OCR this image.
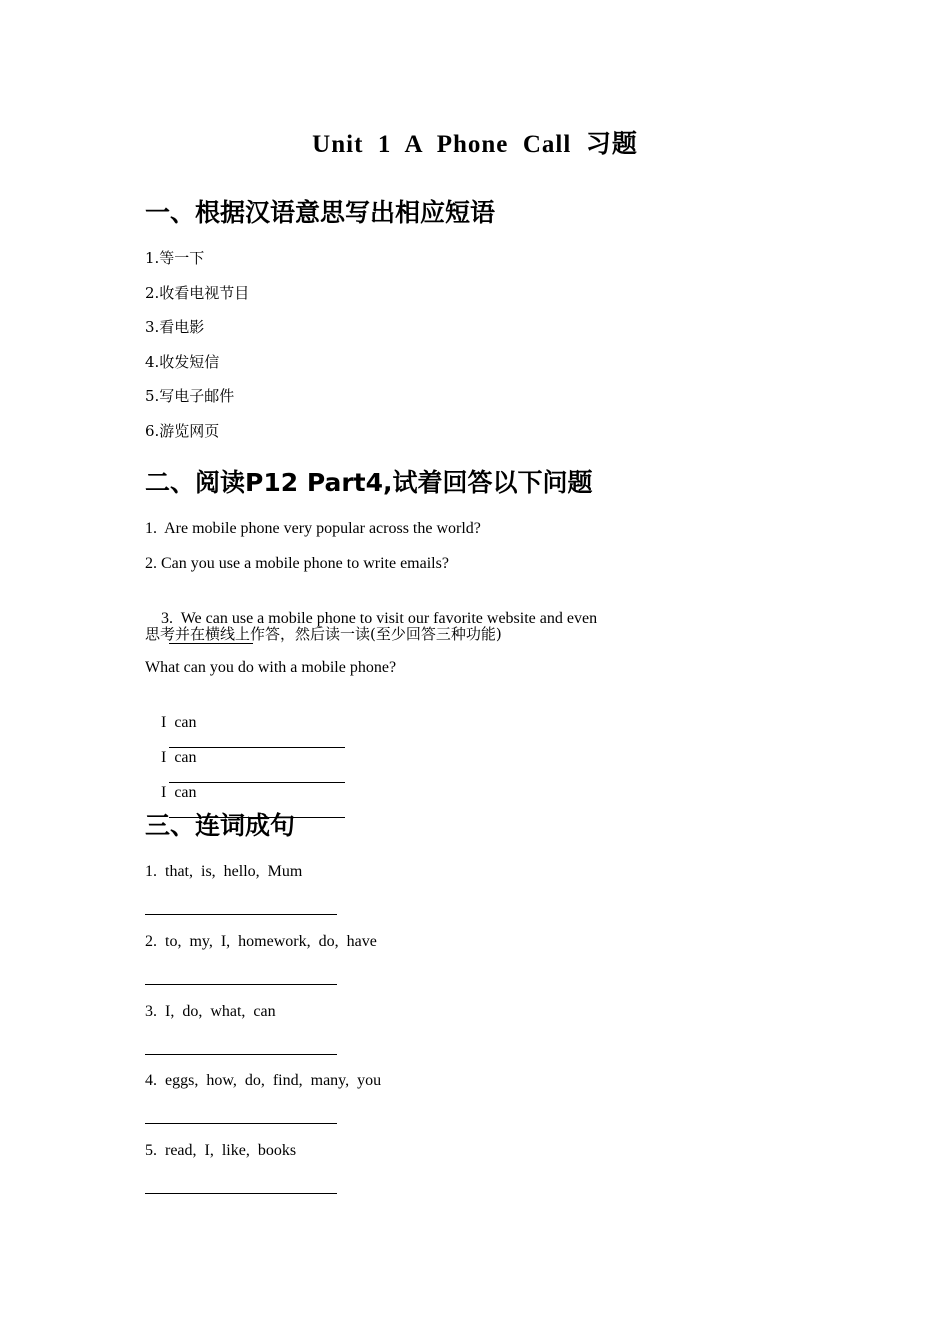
Unit  1  A  Phone  Call  习题
一、根据汉语意思写出相应短语
1.等一下
2.收看电视节目
3.看电影
4.收发短信
5.写电子邮件
6.游览网页
二、阅读P12 Part4,试着回答以下问题
1.  Are mobile phone very popular across the world?
2. Can you use a mobile phone to write emails?

3.  We can use a mobile phone to visit our favorite website and even

思考并在横线上作答，然后读一读(至少回答三种功能)
What can you do with a mobile phone?

I  can

I  can

I  can

三、连词成句
1.  that,  is,  hello,  Mum
2.  to,  my,  I,  homework,  do,  have
3.  I,  do,  what,  can
4.  eggs,  how,  do,  find,  many,  you
5.  read,  I,  like,  books
